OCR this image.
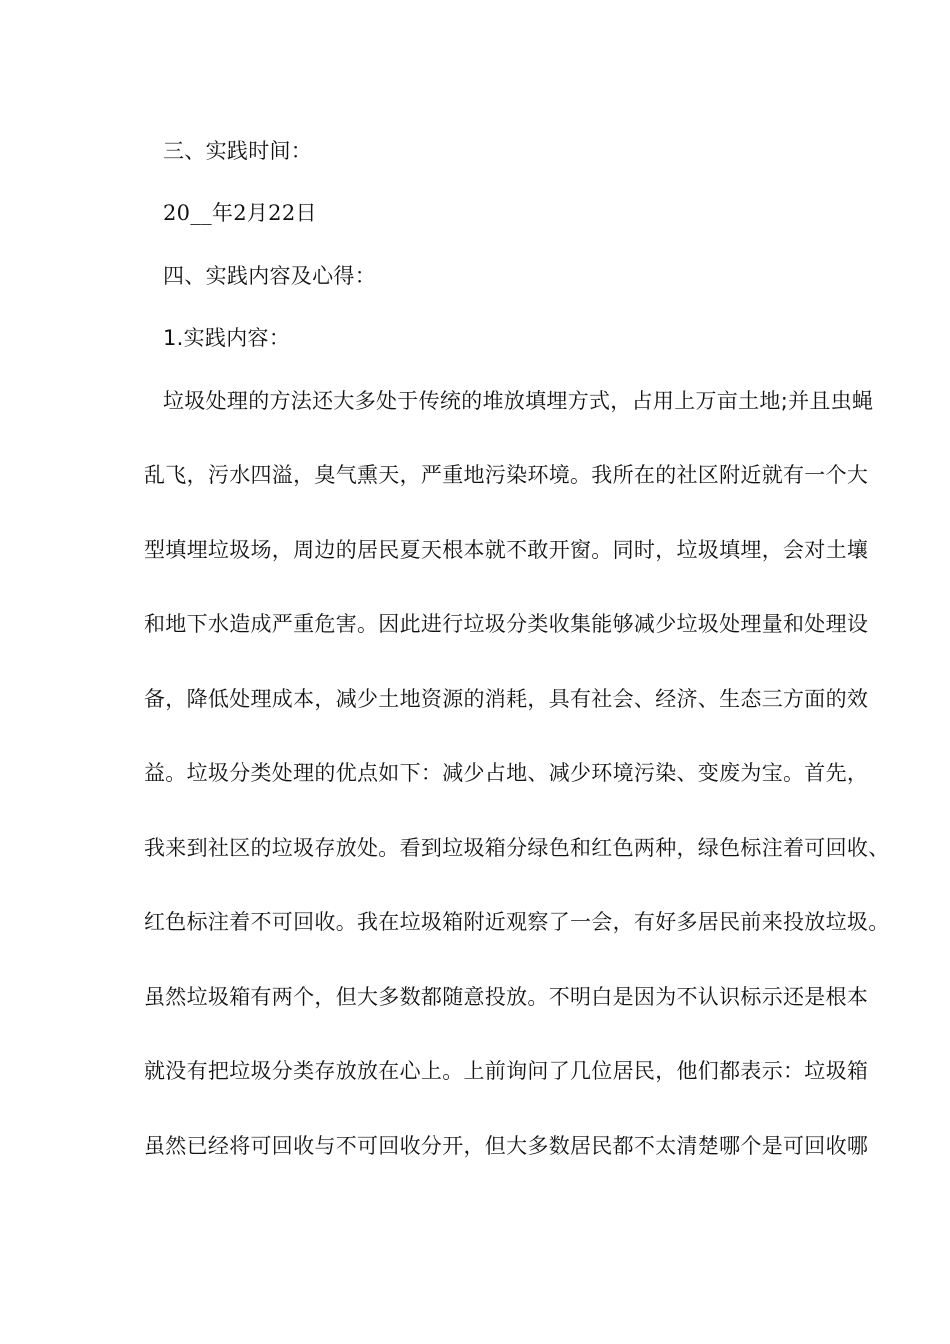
三、实践时间：
20__年2月22日
四、实践内容及心得：
1.实践内容：
垃圾处理的方法还大多处于传统的堆放填埋方式，占用上万亩土地;并且虫蝇
乱飞，污水四溢，臭气熏天，严重地污染环境。我所在的社区附近就有一个大
型填埋垃圾场，周边的居民夏天根本就不敢开窗。同时，垃圾填埋，会对土壤
和地下水造成严重危害。因此进行垃圾分类收集能够减少垃圾处理量和处理设
备，降低处理成本，减少土地资源的消耗，具有社会、经济、生态三方面的效
益。垃圾分类处理的优点如下：减少占地、减少环境污染、变废为宝。首先，
我来到社区的垃圾存放处。看到垃圾箱分绿色和红色两种，绿色标注着可回收、
红色标注着不可回收。我在垃圾箱附近观察了一会，有好多居民前来投放垃圾。
虽然垃圾箱有两个，但大多数都随意投放。不明白是因为不认识标示还是根本
就没有把垃圾分类存放放在心上。上前询问了几位居民，他们都表示：垃圾箱
虽然已经将可回收与不可回收分开，但大多数居民都不太清楚哪个是可回收哪
